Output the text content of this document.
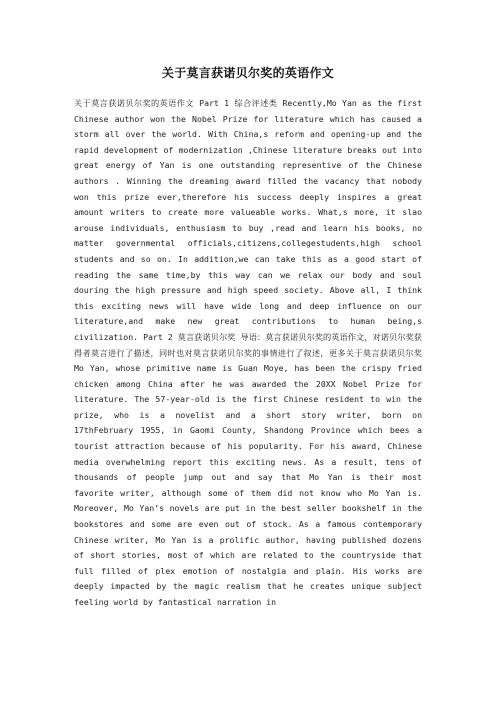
关于莫言获诺贝尔奖的英语作文
关于莫言获诺贝尔奖的英语作文 Part 1 综合评述类 Recently,Mo Yan as the first Chinese author won the Nobel Prize for literature which has caused a storm all over the world. With China,s reform and opening-up and the rapid development of modernization ,Chinese literature breaks out into great energy of Yan is one outstanding representive of the Chinese authors . Winning the dreaming award filled the vacancy that nobody won this prize ever,therefore his success deeply inspires a great amount writers to create more valueable works. What,s more, it slao arouse individuals, enthusiasm to buy ,read and learn his books, no matter governmental officials,citizens,collegestudents,high school students and so on. In addition,we can take this as a good start of reading the same time,by this way can we relax our body and soul douring the high pressure and high speed society. Above all, I think this exciting news will have wide long and deep influence on our literature,and make new great contributions to human being,s civilization. Part 2 莫言获诺贝尔奖 导语：莫言获诺贝尔奖的英语作文，对诺贝尔奖获得者莫言进行了描述，同时也对莫言获诺贝尔奖的事情进行了叙述，更多关于莫言获诺贝尔奖 Mo Yan, whose primitive name is Guan Moye, has been the crispy fried chicken among China after he was awarded the 20XX Nobel Prize for literature. The 57-year-old is the first Chinese resident to win the prize, who is a novelist and a short story writer, born on 17thFebruary 1955, in Gaomi County, Shandong Province which bees a tourist attraction because of his popularity. For his award, Chinese media overwhelming report this exciting news. As a result, tens of thousands of people jump out and say that Mo Yan is their most favorite writer, although some of them did not know who Mo Yan is. Moreover, Mo Yan’s novels are put in the best seller bookshelf in the bookstores and some are even out of stock. As a famous contemporary Chinese writer, Mo Yan is a prolific author, having published dozens of short stories, most of which are related to the countryside that full filled of plex emotion of nostalgia and plain. His works are deeply impacted by the magic realism that he creates unique subject feeling world by fantastical narration in
